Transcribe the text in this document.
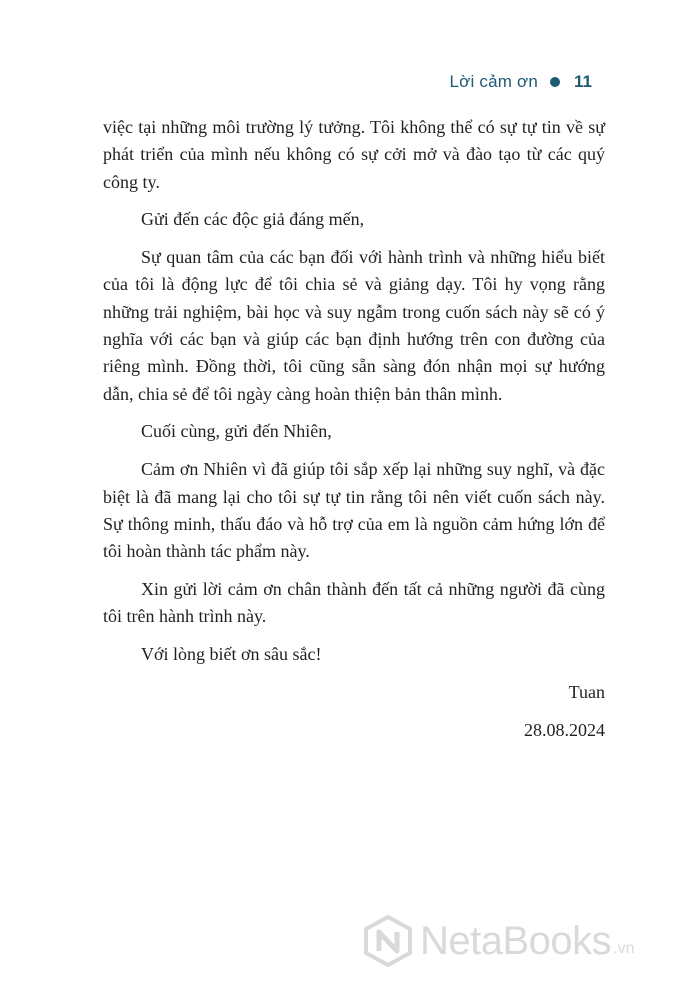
Lời cảm ơn 11

việc tại những môi trường lý tưởng. Tôi không thể có sự tự tin về sự phát triển của mình nếu không có sự cởi mở và đào tạo từ các quý công ty.

Gửi đến các độc giả đáng mến,

Sự quan tâm của các bạn đối với hành trình và những hiểu biết của tôi là động lực để tôi chia sẻ và giảng dạy. Tôi hy vọng rằng những trải nghiệm, bài học và suy ngẫm trong cuốn sách này sẽ có ý nghĩa với các bạn và giúp các bạn định hướng trên con đường của riêng mình. Đồng thời, tôi cũng sẵn sàng đón nhận mọi sự hướng dẫn, chia sẻ để tôi ngày càng hoàn thiện bản thân mình.

Cuối cùng, gửi đến Nhiên,

Cảm ơn Nhiên vì đã giúp tôi sắp xếp lại những suy nghĩ, và đặc biệt là đã mang lại cho tôi sự tự tin rằng tôi nên viết cuốn sách này. Sự thông minh, thấu đáo và hỗ trợ của em là nguồn cảm hứng lớn để tôi hoàn thành tác phẩm này.

Xin gửi lời cảm ơn chân thành đến tất cả những người đã cùng tôi trên hành trình này.

Với lòng biết ơn sâu sắc!

Tuan

28.08.2024

NetaBooks .vn
